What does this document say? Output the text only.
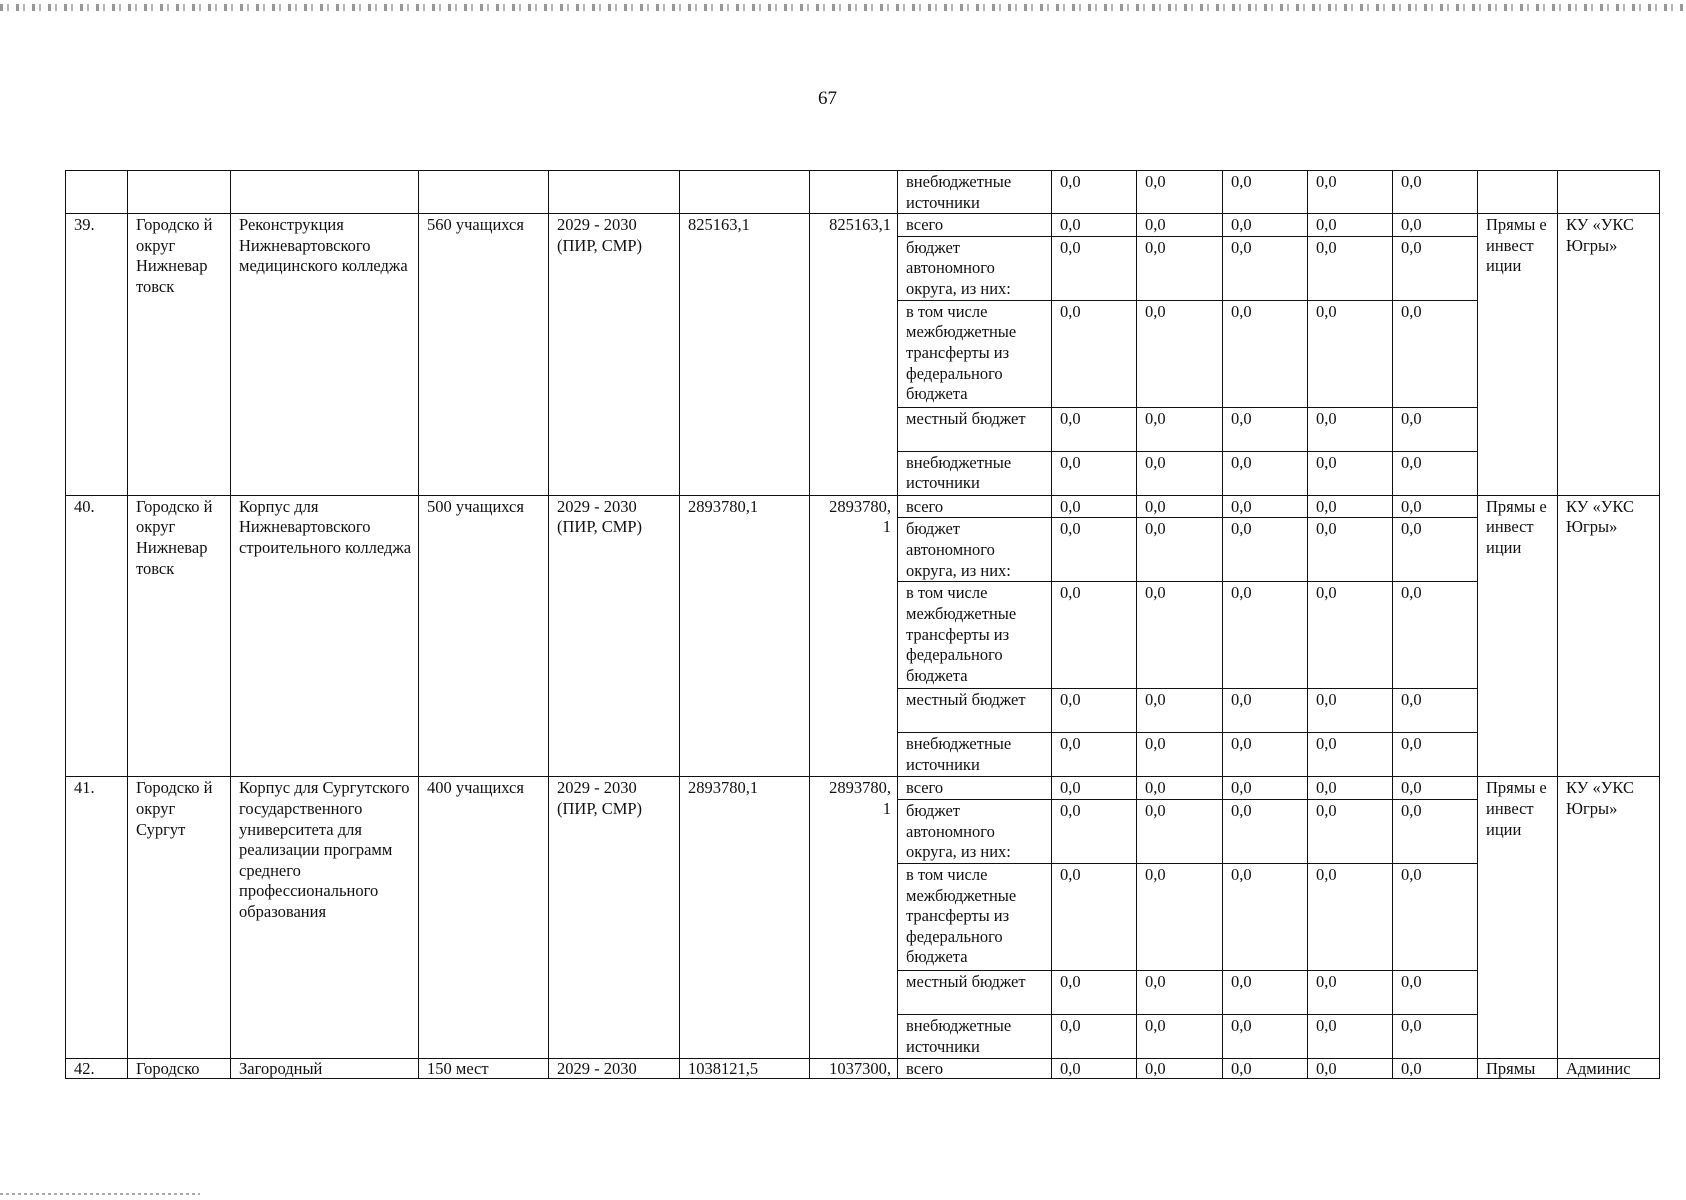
67
							внебюджетные источники	0,0	0,0	0,0	0,0	0,0		
39.	Городско й округ Нижневар товск	Реконструкция Нижневартовского медицинского колледжа	560 учащихся	2029 - 2030 (ПИР, СМР)	825163,1	825163,1	всего	0,0	0,0	0,0	0,0	0,0	Прямы е инвест иции	КУ «УКС Югры»
							бюджет автономного округа, из них:	0,0	0,0	0,0	0,0	0,0		
							в том числе межбюджетные трансферты из федерального бюджета	0,0	0,0	0,0	0,0	0,0		
							местный бюджет	0,0	0,0	0,0	0,0	0,0		
							внебюджетные источники	0,0	0,0	0,0	0,0	0,0		
40.	Городско й округ Нижневар товск	Корпус для Нижневартовского строительного колледжа	500 учащихся	2029 - 2030 (ПИР, СМР)	2893780,1	2893780, 1	всего	0,0	0,0	0,0	0,0	0,0	Прямы е инвест иции	КУ «УКС Югры»
							бюджет автономного округа, из них:	0,0	0,0	0,0	0,0	0,0		
							в том числе межбюджетные трансферты из федерального бюджета	0,0	0,0	0,0	0,0	0,0		
							местный бюджет	0,0	0,0	0,0	0,0	0,0		
							внебюджетные источники	0,0	0,0	0,0	0,0	0,0		
41.	Городско й округ Сургут	Корпус для Сургутского государственного университета для реализации программ среднего профессионального образования	400 учащихся	2029 - 2030 (ПИР, СМР)	2893780,1	2893780, 1	всего	0,0	0,0	0,0	0,0	0,0	Прямы е инвест иции	КУ «УКС Югры»
							бюджет автономного округа, из них:	0,0	0,0	0,0	0,0	0,0		
							в том числе межбюджетные трансферты из федерального бюджета	0,0	0,0	0,0	0,0	0,0		
							местный бюджет	0,0	0,0	0,0	0,0	0,0		
							внебюджетные источники	0,0	0,0	0,0	0,0	0,0		
42.	Городско	Загородный	150 мест	2029 - 2030	1038121,5	1037300,	всего	0,0	0,0	0,0	0,0	0,0	Прямы	Админис
